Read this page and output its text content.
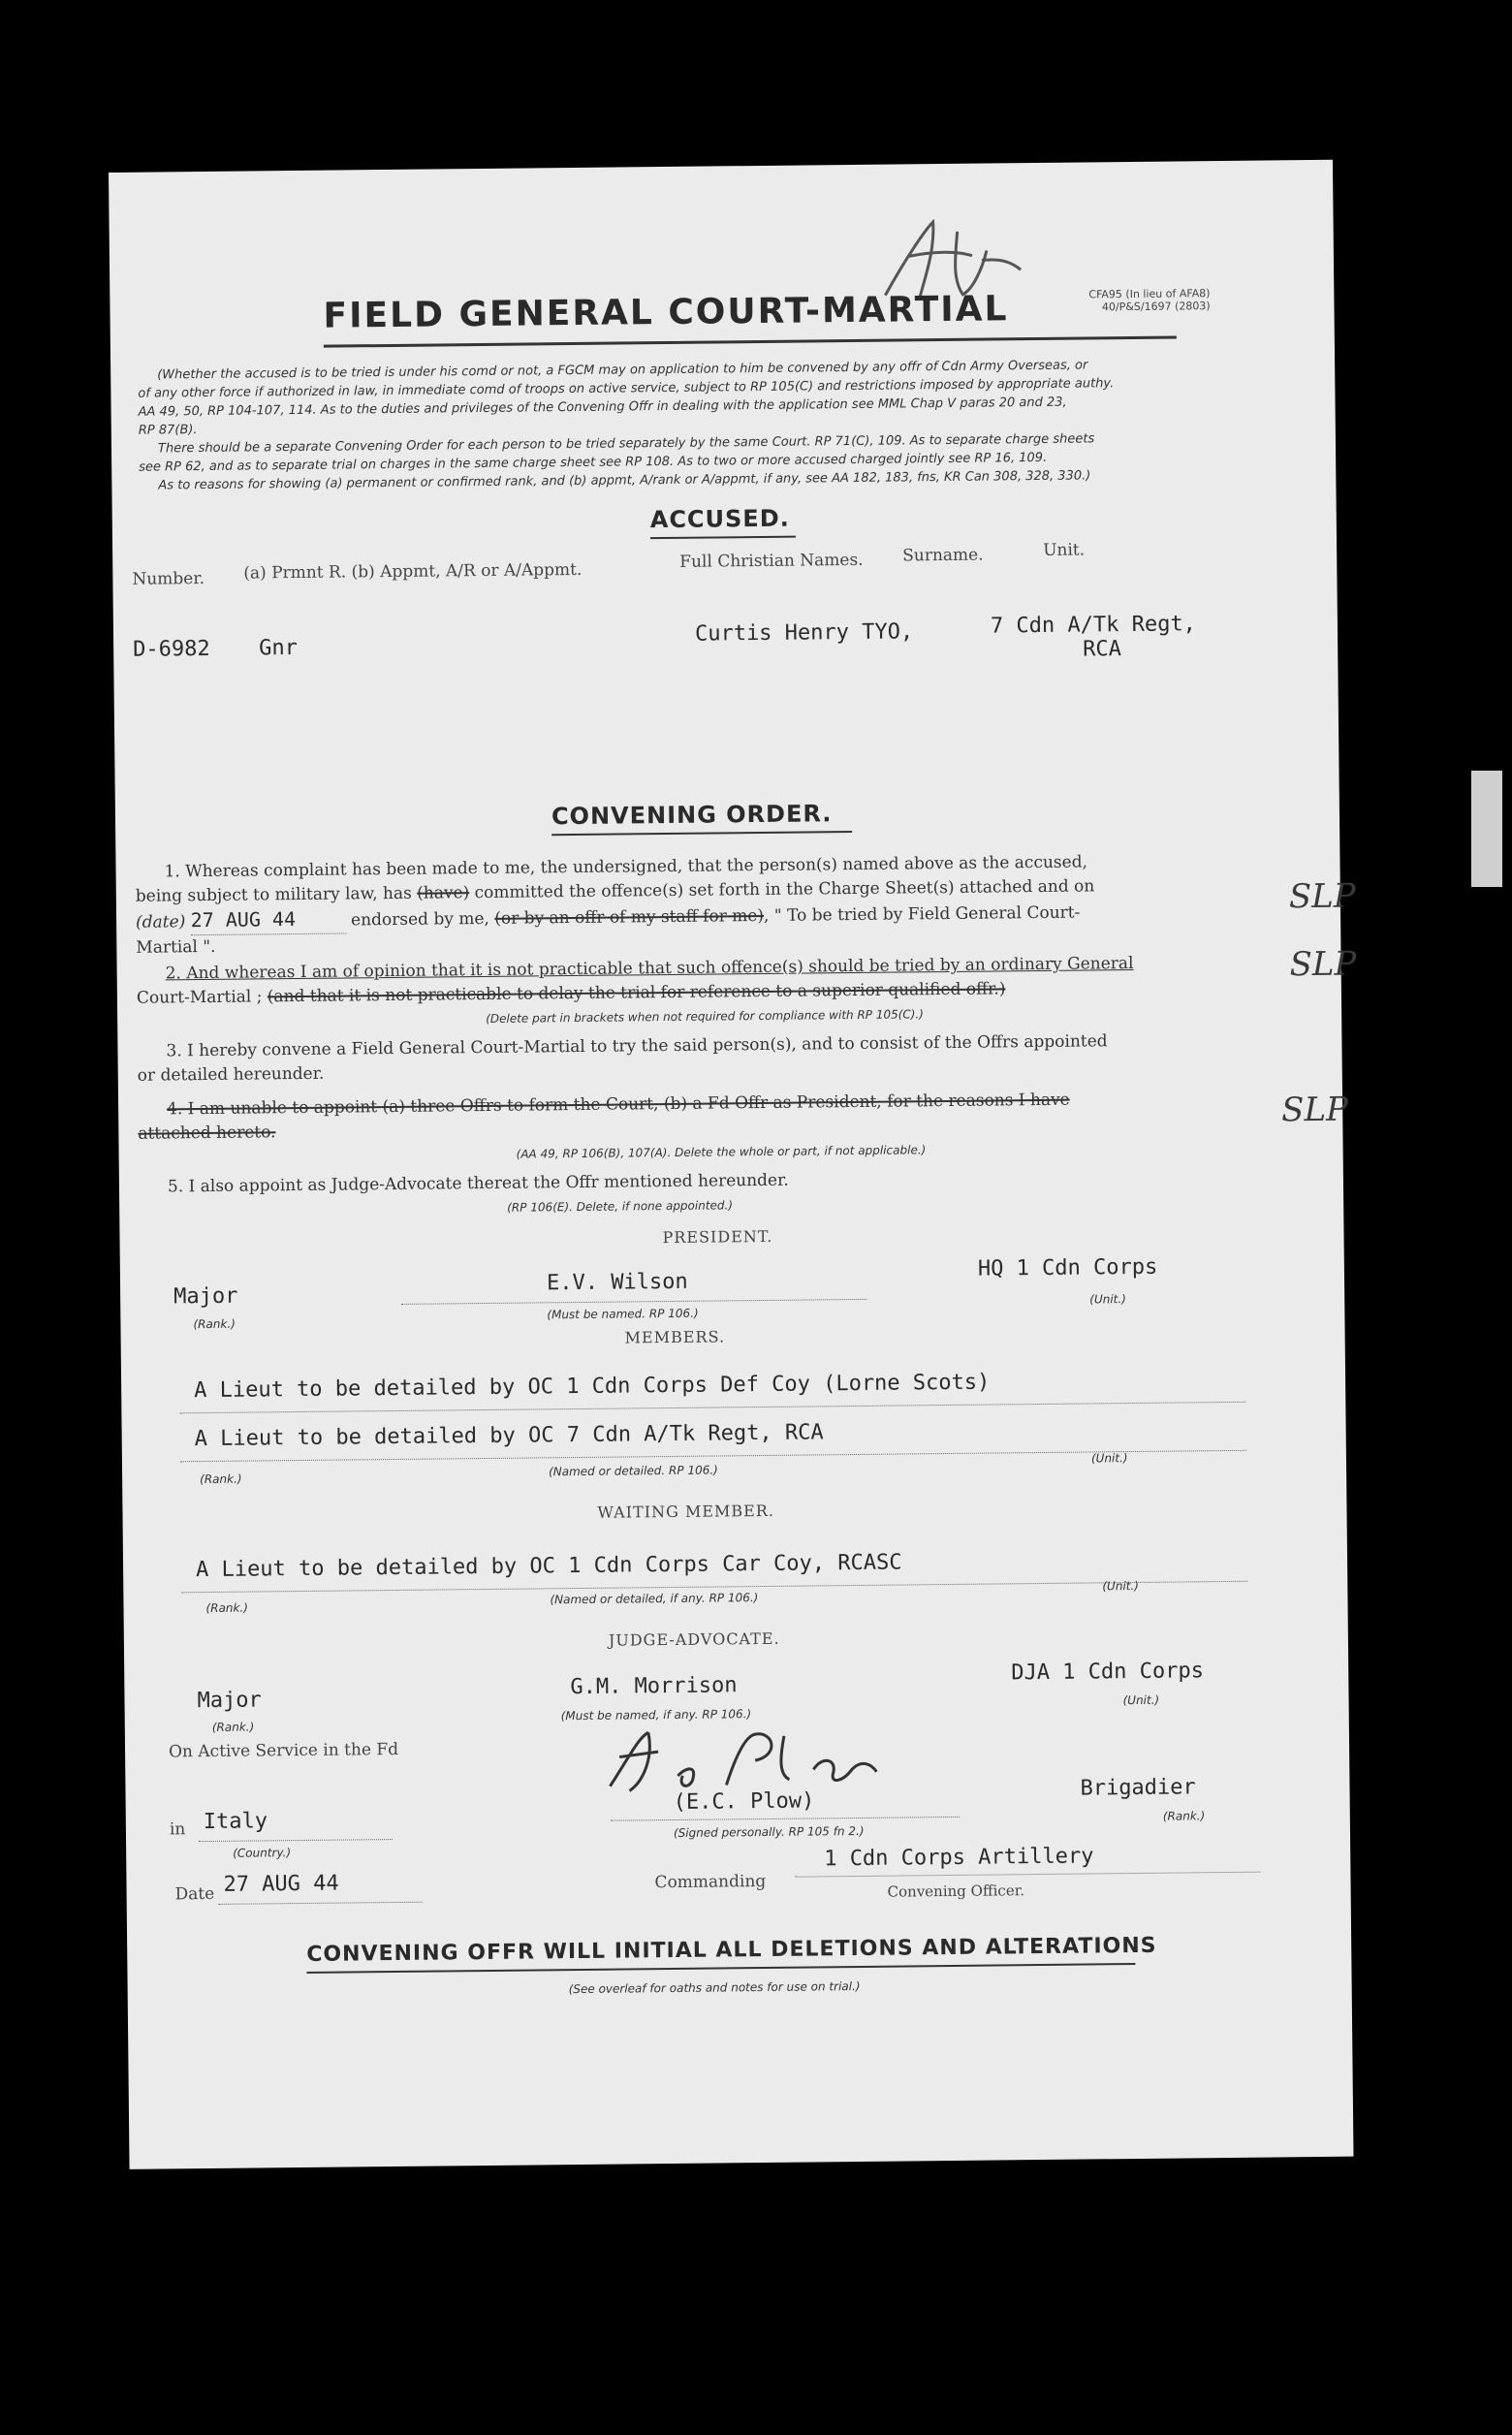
FIELD GENERAL COURT-MARTIAL	CFA95 (In lieu of AFA8)
40/P&S/1697 (2803)
(Whether the accused is to be tried is under his comd or not, a FGCM may on application to him be convened by any offr of Cdn Army Overseas, or
of any other force if authorized in law, in immediate comd of troops on active service, subject to RP 105(C) and restrictions imposed by appropriate authy.
AA 49, 50, RP 104-107, 114. As to the duties and privileges of the Convening Offr in dealing with the application see MML Chap V paras 20 and 23,
RP 87(B).
There should be a separate Convening Order for each person to be tried separately by the same Court. RP 71(C), 109. As to separate charge sheets
see RP 62, and as to separate trial on charges in the same charge sheet see RP 108. As to two or more accused charged jointly see RP 16, 109.
As to reasons for showing (a) permanent or confirmed rank, and (b) appmt, A/rank or A/appmt, if any, see AA 182, 183, fns, KR Can 308, 328, 330.)
ACCUSED.
Number. (a) Prmnt R. (b) Appmt, A/R or A/Appmt.	Full Christian Names. Surname.	Unit.
D-6982 Gnr
Curtis Henry TYO,	7 Cdn A/Tk Regt,
RCA
CONVENING ORDER.
1. Whereas complaint has been made to me, the undersigned, that the person(s) named above as the accused,
being subject to military law, has (have) committed the offence(s) set forth in the Charge Sheet(s) attached and on
(date) 27 AUG 44	endorsed by me, (or by an offr of my staff for me), " To be tried by Field General Court-
Martial ".
2. And whereas I am of opinion that it is not practicable that such offence(s) should be tried by an ordinary General
Court-Martial ; (and that it is not practicable to delay the trial for reference to a superior qualified offr.)
(Delete part in brackets when not required for compliance with RP 105(C).)
3. I hereby convene a Field General Court-Martial to try the said person(s), and to consist of the Offrs appointed
or detailed hereunder.
4. I am unable to appoint (a) three Offrs to form the Court, (b) a Fd Offr as President, for the reasons I have
attached hereto.
(AA 49, RP 106(B), 107(A). Delete the whole or part, if not applicable.)
5. I also appoint as Judge-Advocate thereat the Offr mentioned hereunder.
(RP 106(E). Delete, if none appointed.)
SLP
SLP
SLP
PRESIDENT.
Major
(Rank.)
E.V. Wilson
(Must be named. RP 106.)
HQ 1 Cdn Corps
(Unit.)
MEMBERS.
A Lieut to be detailed by OC 1 Cdn Corps Def Coy (Lorne Scots)
A Lieut to be detailed by OC 7 Cdn A/Tk Regt, RCA
(Rank.)
(Named or detailed. RP 106.)
(Unit.)
WAITING MEMBER.
A Lieut to be detailed by OC 1 Cdn Corps Car Coy, RCASC
(Rank.)
(Named or detailed, if any. RP 106.)
(Unit.)
JUDGE-ADVOCATE.
Major
(Rank.)
G.M. Morrison
(Must be named, if any. RP 106.)
DJA 1 Cdn Corps
(Unit.)
On Active Service in the Fd
in Italy
(Country.)
(E.C. Plow)
(Signed personally. RP 105 fn 2.)
Brigadier
(Rank.)
Date 27 AUG 44	Commanding
1 Cdn Corps Artillery
Convening Officer.
CONVENING OFFR WILL INITIAL ALL DELETIONS AND ALTERATIONS
(See overleaf for oaths and notes for use on trial.)
